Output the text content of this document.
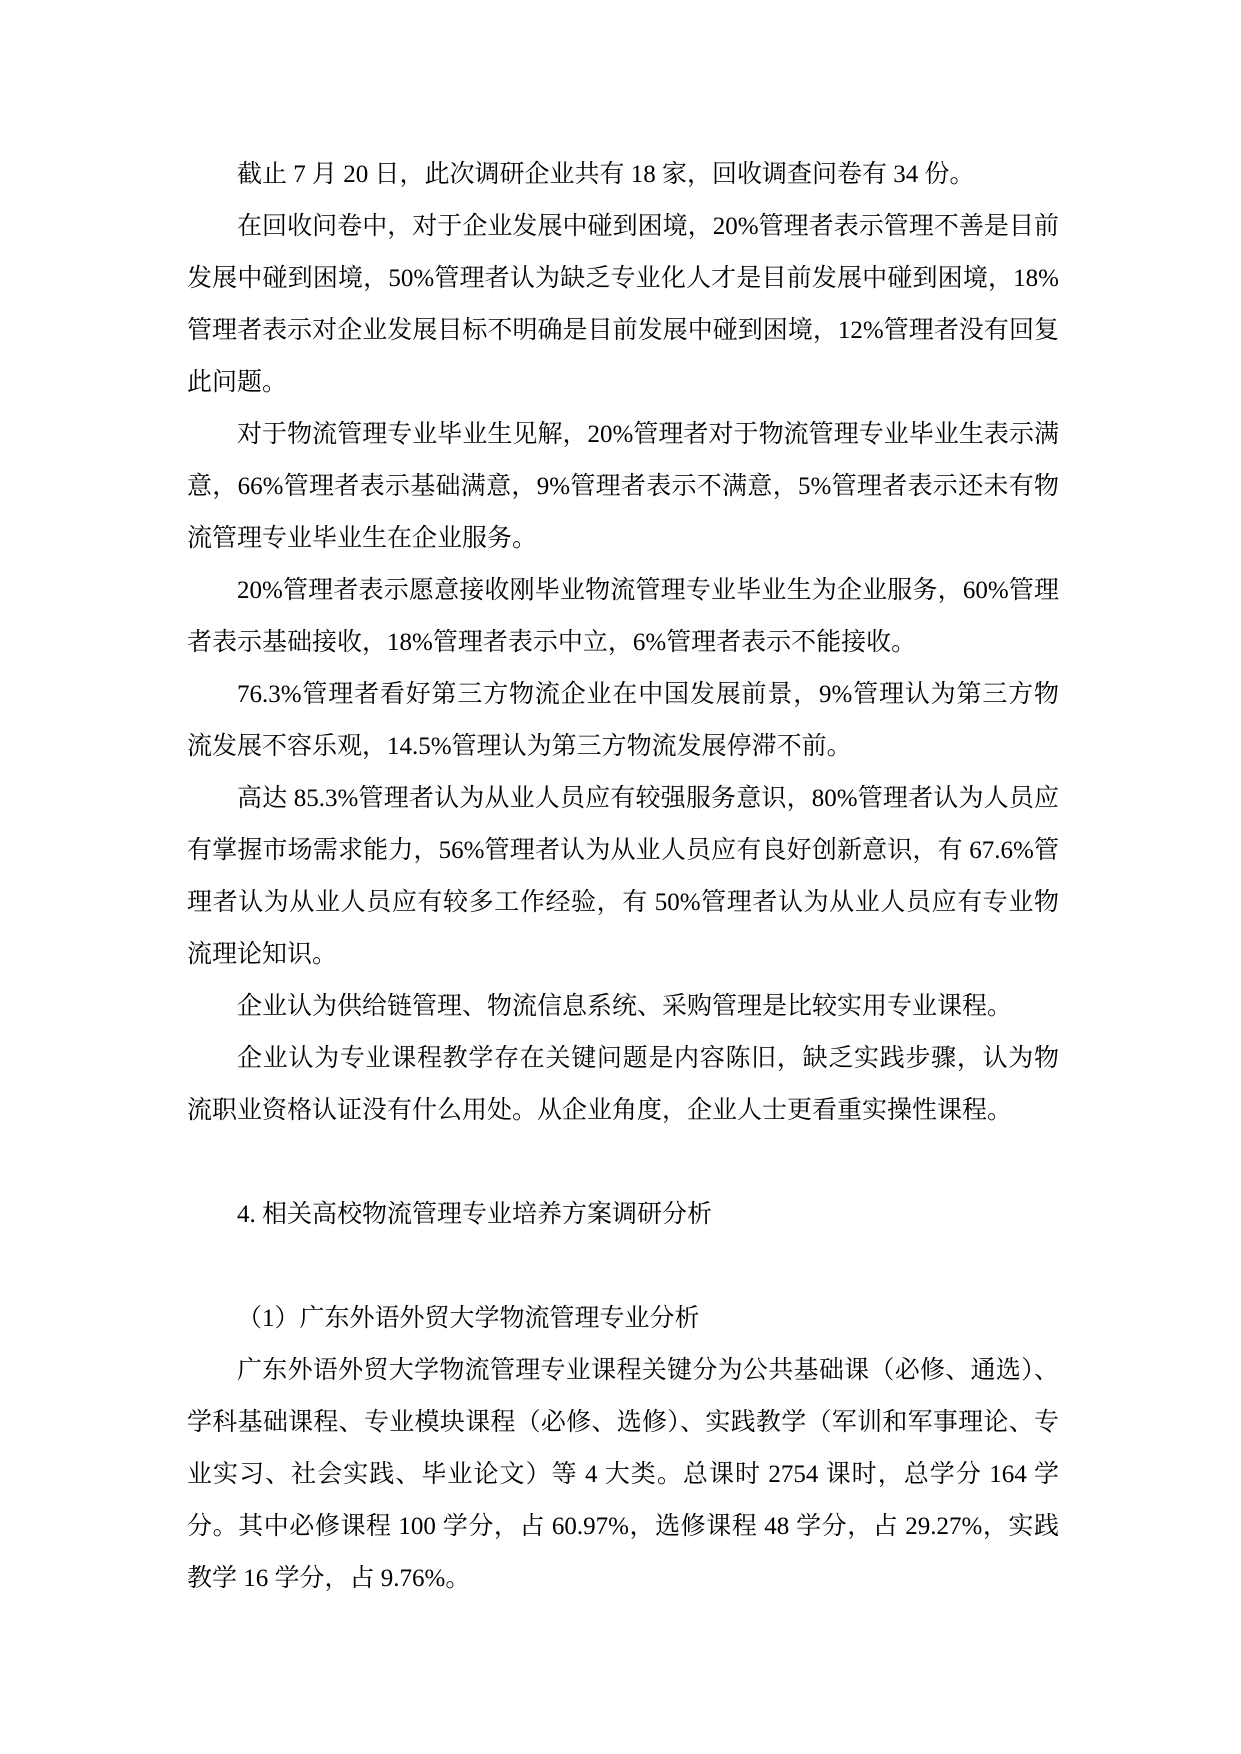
截止 7 月 20 日，此次调研企业共有 18 家，回收调查问卷有 34 份。

在回收问卷中，对于企业发展中碰到困境，20%管理者表示管理不善是目前发展中碰到困境，50%管理者认为缺乏专业化人才是目前发展中碰到困境，18%管理者表示对企业发展目标不明确是目前发展中碰到困境，12%管理者没有回复此问题。

对于物流管理专业毕业生见解，20%管理者对于物流管理专业毕业生表示满意，66%管理者表示基础满意，9%管理者表示不满意，5%管理者表示还未有物流管理专业毕业生在企业服务。

20%管理者表示愿意接收刚毕业物流管理专业毕业生为企业服务，60%管理者表示基础接收，18%管理者表示中立，6%管理者表示不能接收。

76.3%管理者看好第三方物流企业在中国发展前景，9%管理认为第三方物流发展不容乐观，14.5%管理认为第三方物流发展停滞不前。

高达 85.3%管理者认为从业人员应有较强服务意识，80%管理者认为人员应有掌握市场需求能力，56%管理者认为从业人员应有良好创新意识，有 67.6%管理者认为从业人员应有较多工作经验，有 50%管理者认为从业人员应有专业物流理论知识。

企业认为供给链管理、物流信息系统、采购管理是比较实用专业课程。

企业认为专业课程教学存在关键问题是内容陈旧，缺乏实践步骤，认为物流职业资格认证没有什么用处。从企业角度，企业人士更看重实操性课程。

4. 相关高校物流管理专业培养方案调研分析

（1）广东外语外贸大学物流管理专业分析

广东外语外贸大学物流管理专业课程关键分为公共基础课（必修、通选）、学科基础课程、专业模块课程（必修、选修）、实践教学（军训和军事理论、专业实习、社会实践、毕业论文）等 4 大类。总课时 2754 课时，总学分 164 学分。其中必修课程 100 学分，占 60.97%，选修课程 48 学分，占 29.27%，实践教学 16 学分，占 9.76%。
